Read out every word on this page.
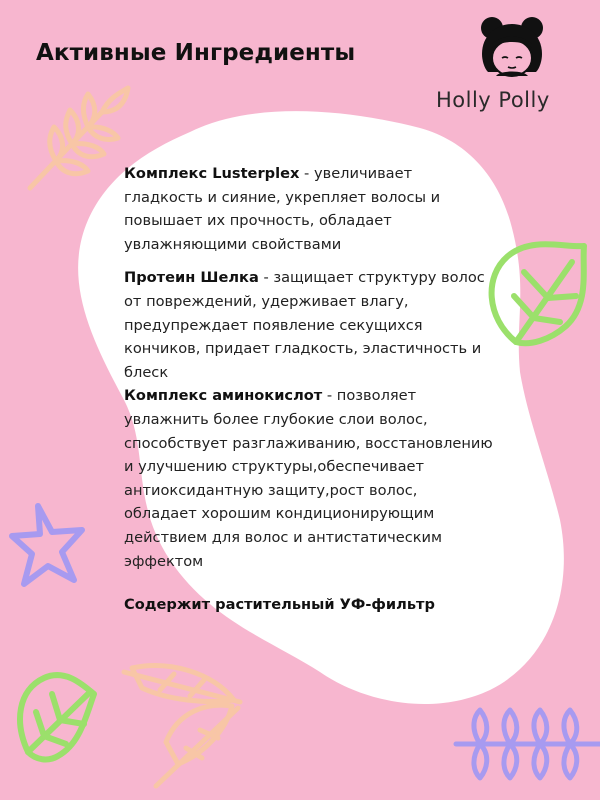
Активные Ингредиенты
Holly Polly

Комплекс Lusterplex - увеличивает гладкость и сияние, укрепляет волосы и повышает их прочность, обладает увлажняющими свойствами

Протеин Шелка - защищает структуру волос от повреждений, удерживает влагу, предупреждает появление секущихся кончиков, придает гладкость, эластичность и блеск

Комплекс аминокислот - позволяет увлажнить более глубокие слои волос, способствует разглаживанию, восстановлению и улучшению структуры,обеспечивает антиоксидантную защиту,рост волос, обладает хорошим кондиционирующим действием для волос и антистатическим эффектом

Содержит растительный УФ-фильтр
